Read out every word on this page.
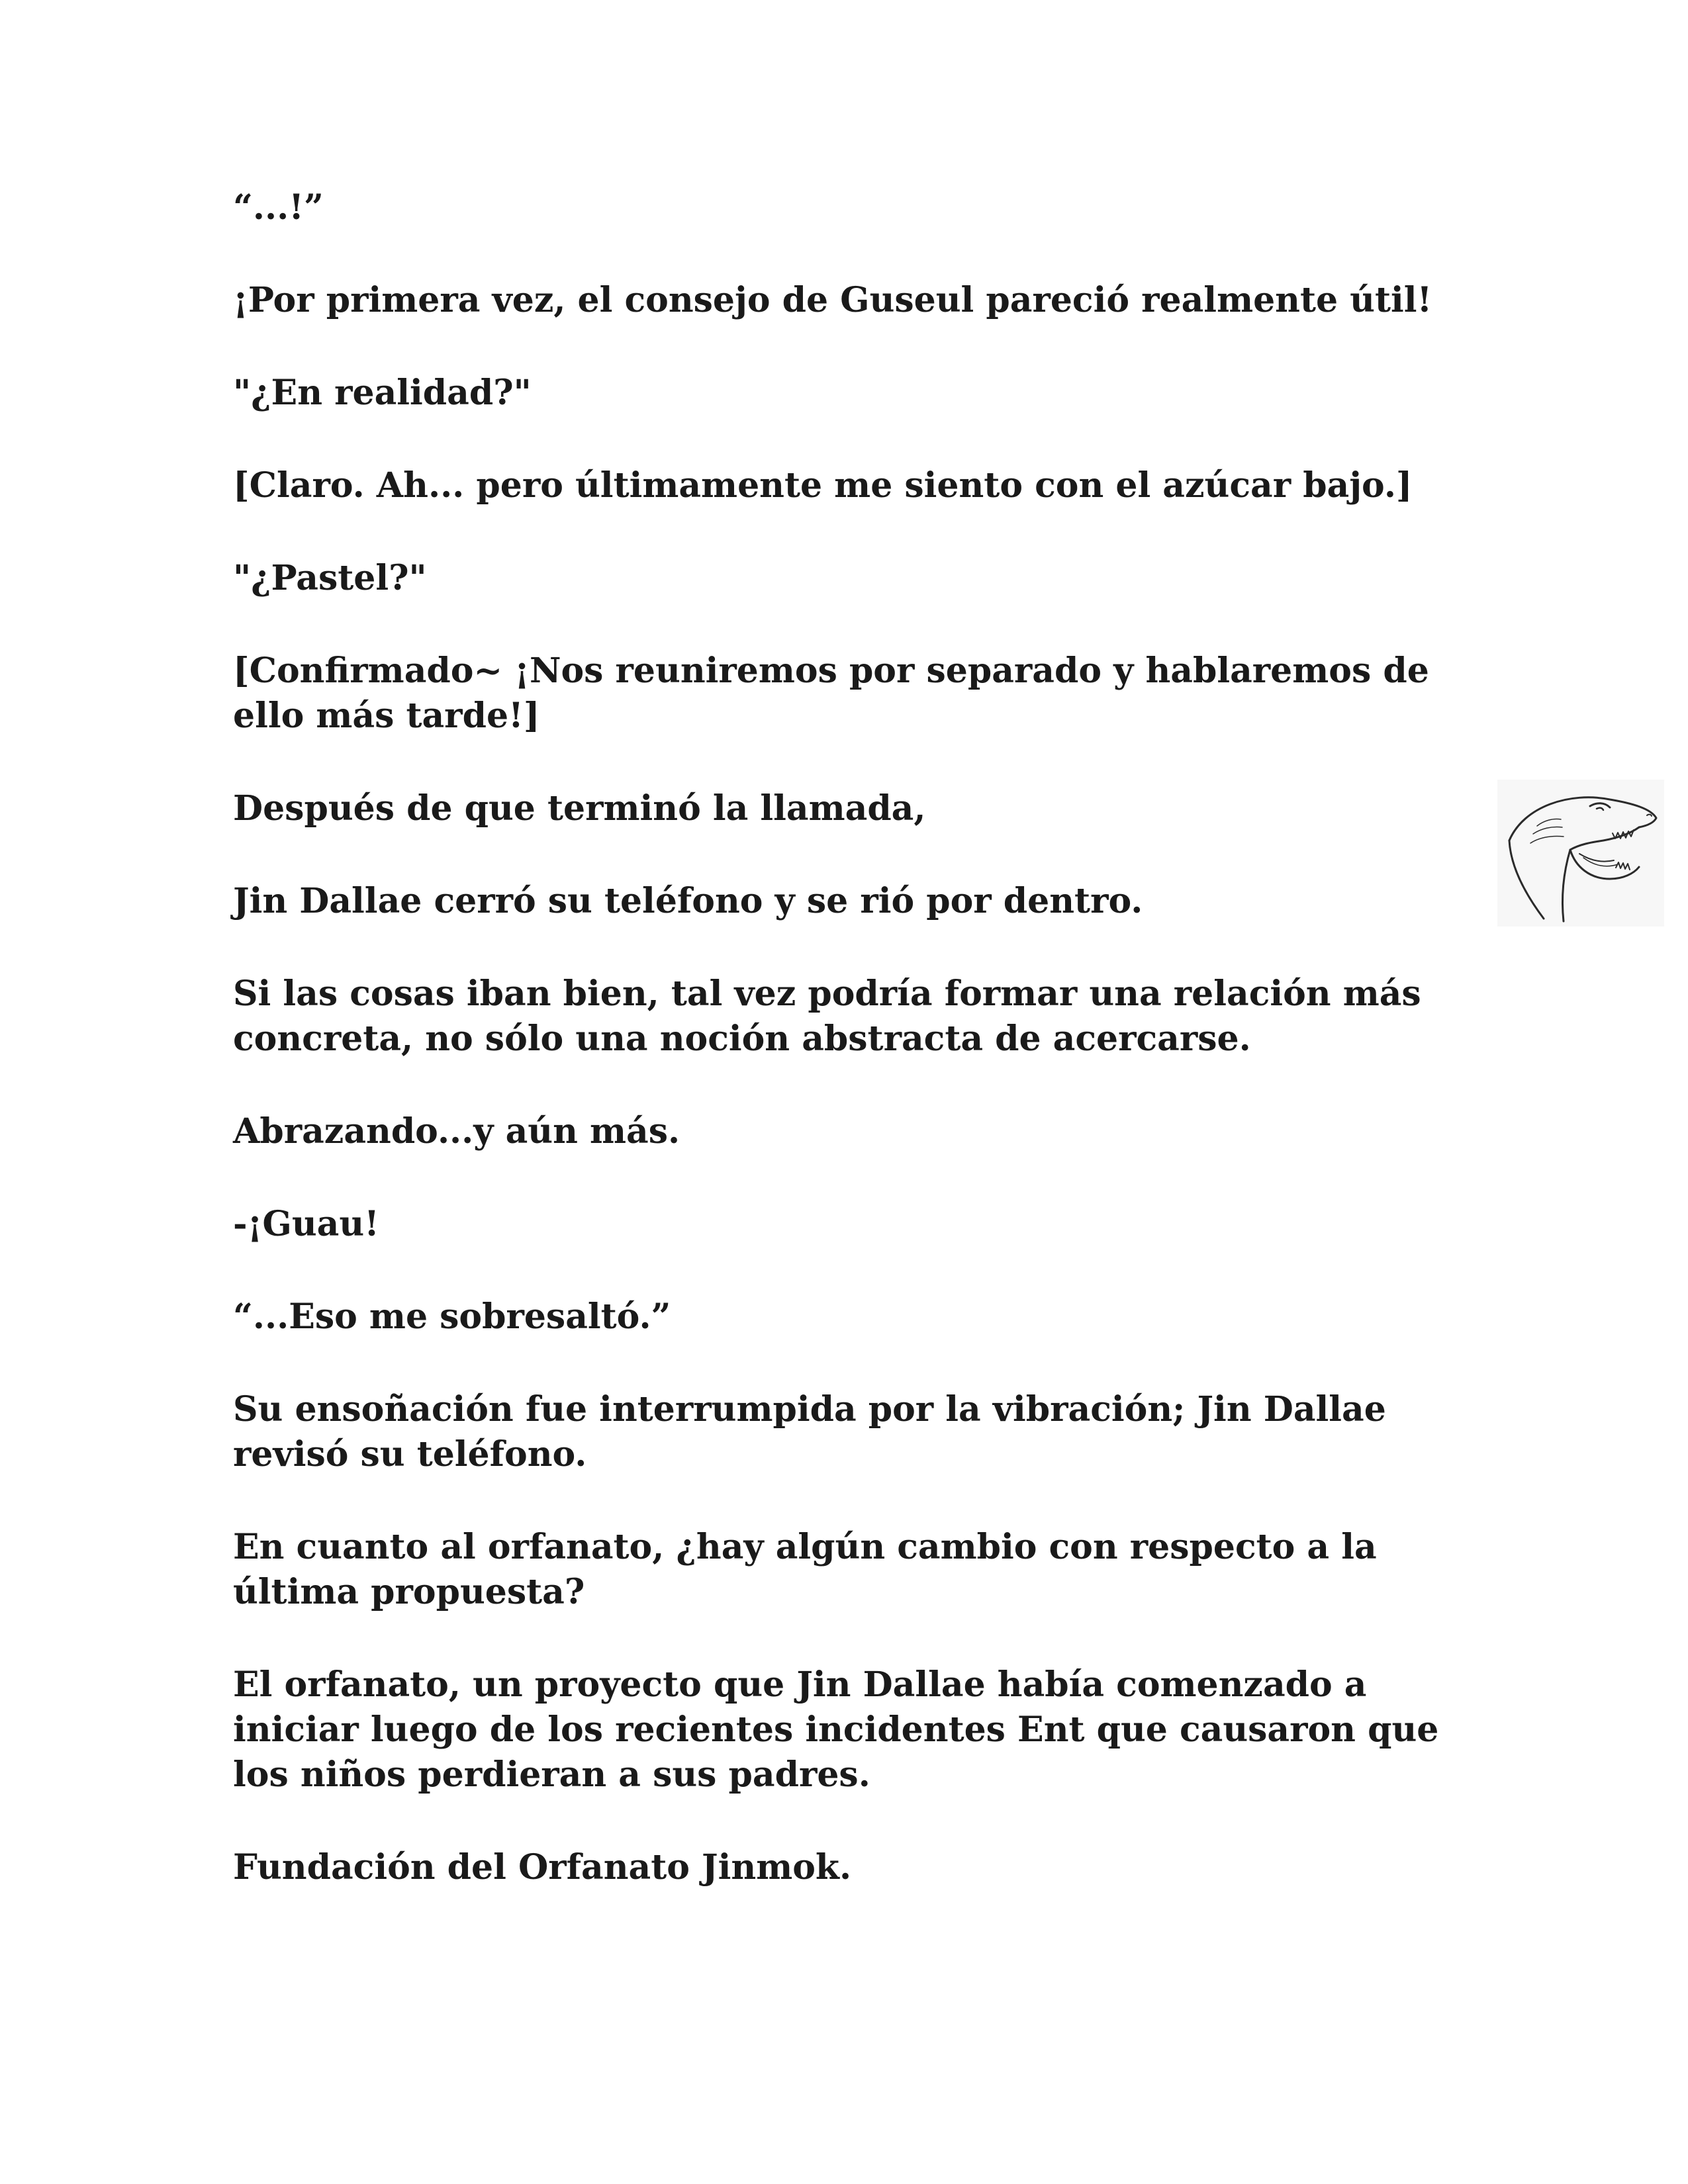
“...!”

¡Por primera vez, el consejo de Guseul pareció realmente útil!

"¿En realidad?"

[Claro. Ah... pero últimamente me siento con el azúcar bajo.]

"¿Pastel?"

[Confirmado~ ¡Nos reuniremos por separado y hablaremos de ello más tarde!]

Después de que terminó la llamada,

Jin Dallae cerró su teléfono y se rió por dentro.

Si las cosas iban bien, tal vez podría formar una relación más concreta, no sólo una noción abstracta de acercarse.

Abrazando...y aún más.

-¡Guau!

“...Eso me sobresaltó.”

Su ensoñación fue interrumpida por la vibración; Jin Dallae revisó su teléfono.

En cuanto al orfanato, ¿hay algún cambio con respecto a la última propuesta?

El orfanato, un proyecto que Jin Dallae había comenzado a iniciar luego de los recientes incidentes Ent que causaron que los niños perdieran a sus padres.

Fundación del Orfanato Jinmok.
